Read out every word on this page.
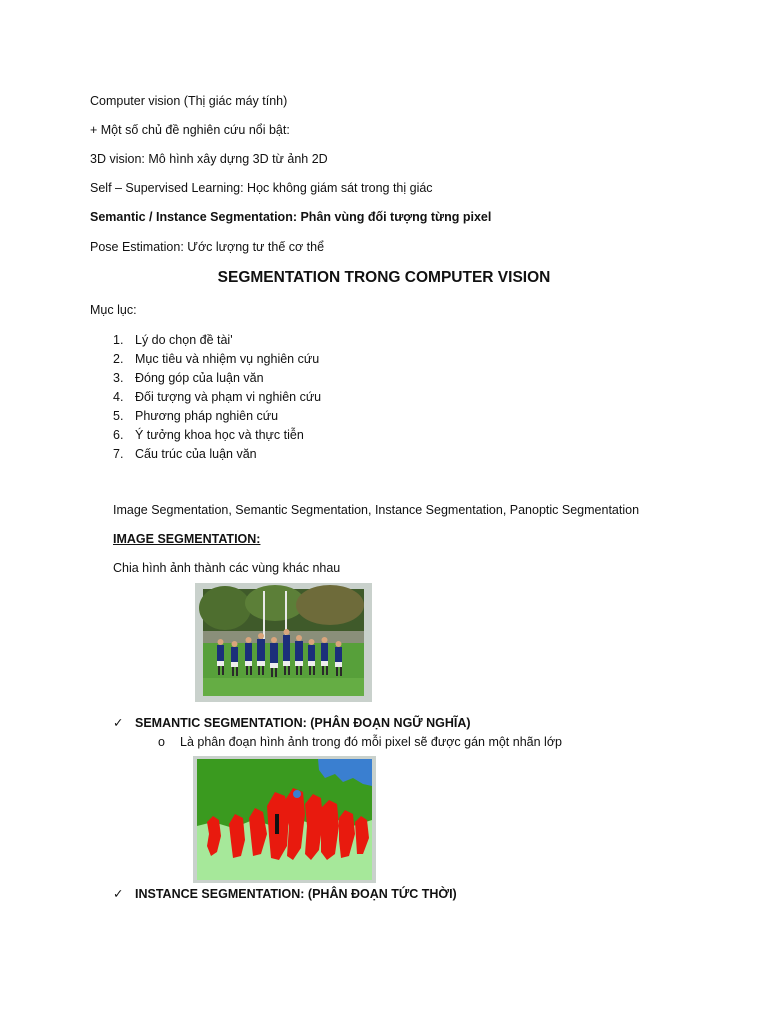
Computer vision (Thị giác máy tính)
+ Một số chủ đề nghiên cứu nổi bật:
3D vision: Mô hình xây dựng 3D từ ảnh 2D
Self – Supervised Learning: Học không giám sát trong thị giác
Semantic / Instance Segmentation: Phân vùng đối tượng từng pixel
Pose Estimation: Ước lượng tư thế cơ thể
SEGMENTATION TRONG COMPUTER VISION
Mục lục:
1. Lý do chọn đề tài'
2. Mục tiêu và nhiệm vụ nghiên cứu
3. Đóng góp của luận văn
4. Đối tượng và phạm vi nghiên cứu
5. Phương pháp nghiên cứu
6. Ý tưởng khoa học và thực tiễn
7. Cấu trúc của luận văn
Image Segmentation, Semantic Segmentation, Instance Segmentation, Panoptic Segmentation
IMAGE SEGMENTATION:
Chia hình ảnh thành các vùng khác nhau
✓ SEMANTIC SEGMENTATION: (PHÂN ĐOẠN NGỮ NGHĨA)
o Là phân đoạn hình ảnh trong đó mỗi pixel sẽ được gán một nhãn lớp
✓ INSTANCE SEGMENTATION: (PHÂN ĐOẠN TỨC THỜI)
